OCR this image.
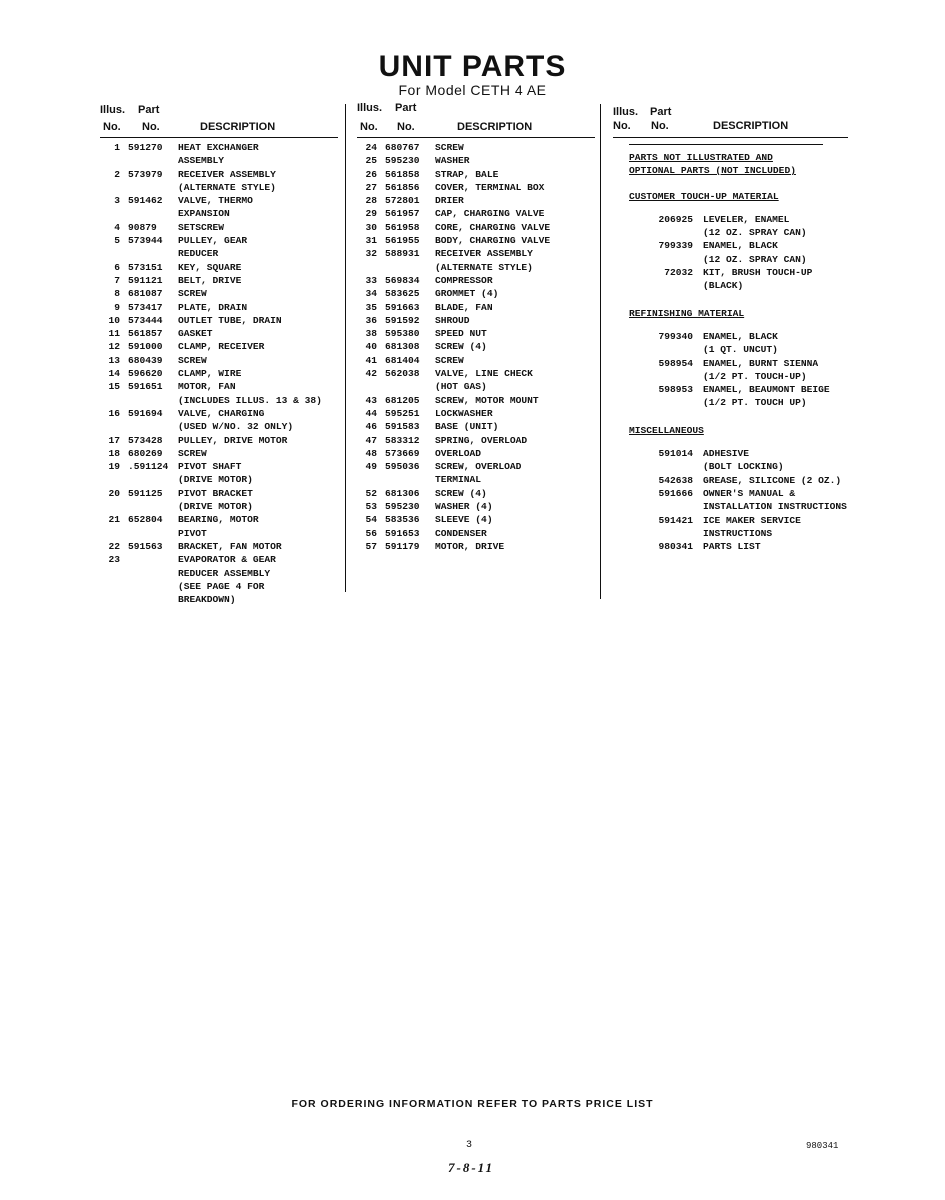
UNIT PARTS
For Model CETH 4 AE
Illus. Part
No. No.	DESCRIPTION
1 591270 HEAT EXCHANGER
ASSEMBLY
2 573979 RECEIVER ASSEMBLY
(ALTERNATE STYLE)
3 591462 VALVE, THERMO
EXPANSION
4 90879 SETSCREW
5 573944 PULLEY, GEAR
REDUCER
6 573151 KEY, SQUARE
7 591121 BELT, DRIVE
8 681087 SCREW
9 573417 PLATE, DRAIN
10 573444 OUTLET TUBE, DRAIN
11 561857 GASKET
12 591000 CLAMP, RECEIVER
13 680439 SCREW
14 596620 CLAMP, WIRE
15 591651 MOTOR, FAN
(INCLUDES ILLUS. 13 & 38)
16 591694 VALVE, CHARGING
(USED W/NO. 32 ONLY)
17 573428 PULLEY, DRIVE MOTOR
18 680269 SCREW
19 .591124 PIVOT SHAFT
(DRIVE MOTOR)
20 591125 PIVOT BRACKET
(DRIVE MOTOR)
21 652804 BEARING, MOTOR
PIVOT
22 591563 BRACKET, FAN MOTOR
23	EVAPORATOR & GEAR
REDUCER ASSEMBLY
(SEE PAGE 4 FOR
BREAKDOWN)
Illus. Part
No. No.	DESCRIPTION
24 680767 SCREW
25 595230 WASHER
26 561858 STRAP, BALE
27 561856 COVER, TERMINAL BOX
28 572801 DRIER
29 561957 CAP, CHARGING VALVE
30 561958 CORE, CHARGING VALVE
31 561955 BODY, CHARGING VALVE
32 588931 RECEIVER ASSEMBLY
(ALTERNATE STYLE)
33 569834 COMPRESSOR
34 583625 GROMMET (4)
35 591663 BLADE, FAN
36 591592 SHROUD
38 595380 SPEED NUT
40 681308 SCREW (4)
41 681404 SCREW
42 562038 VALVE, LINE CHECK
(HOT GAS)
43 681205 SCREW, MOTOR MOUNT
44 595251 LOCKWASHER
46 591583 BASE (UNIT)
47 583312 SPRING, OVERLOAD
48 573669 OVERLOAD
49 595036 SCREW, OVERLOAD
TERMINAL
52 681306 SCREW (4)
53 595230 WASHER (4)
54 583536 SLEEVE (4)
56 591653 CONDENSER
57 591179 MOTOR, DRIVE
Illus. Part
No. No.	DESCRIPTION
PARTS NOT ILLUSTRATED AND
OPTIONAL PARTS (NOT INCLUDED)
CUSTOMER TOUCH-UP MATERIAL
206925 LEVELER, ENAMEL
(12 OZ. SPRAY CAN)
799339 ENAMEL, BLACK
(12 OZ. SPRAY CAN)
72032 KIT, BRUSH TOUCH-UP
(BLACK)
REFINISHING MATERIAL
799340 ENAMEL, BLACK
(1 QT. UNCUT)
598954 ENAMEL, BURNT SIENNA
(1/2 PT. TOUCH-UP)
598953 ENAMEL, BEAUMONT BEIGE
(1/2 PT. TOUCH UP)
MISCELLANEOUS
591014 ADHESIVE
(BOLT LOCKING)
542638 GREASE, SILICONE (2 OZ.)
591666 OWNER'S MANUAL &
INSTALLATION INSTRUCTIONS
591421 ICE MAKER SERVICE
INSTRUCTIONS
980341 PARTS LIST
FOR ORDERING INFORMATION REFER TO PARTS PRICE LIST
3	980341
7-8-11
